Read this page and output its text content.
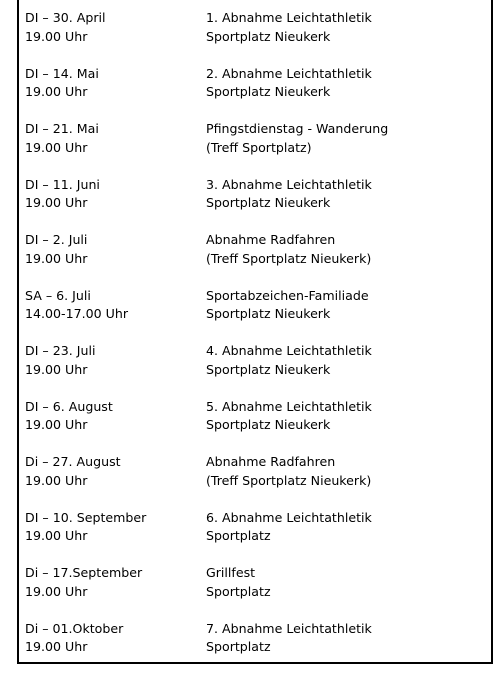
DI – 30. April
19.00 Uhr
1. Abnahme Leichtathletik
Sportplatz Nieukerk
DI – 14. Mai
19.00 Uhr
2. Abnahme Leichtathletik
Sportplatz Nieukerk
DI – 21. Mai
19.00 Uhr
Pfingstdienstag - Wanderung
(Treff Sportplatz)
DI – 11. Juni
19.00 Uhr
3. Abnahme Leichtathletik
Sportplatz Nieukerk
DI – 2. Juli
19.00 Uhr
Abnahme Radfahren
(Treff Sportplatz Nieukerk)
SA – 6. Juli
14.00-17.00 Uhr
Sportabzeichen-Familiade
Sportplatz Nieukerk
DI – 23. Juli
19.00 Uhr
4. Abnahme Leichtathletik
Sportplatz Nieukerk
DI – 6. August
19.00 Uhr
5. Abnahme Leichtathletik
Sportplatz Nieukerk
Di – 27. August
19.00 Uhr
Abnahme Radfahren
(Treff Sportplatz Nieukerk)
DI – 10. September
19.00 Uhr
6. Abnahme Leichtathletik
Sportplatz
Di – 17.September
19.00 Uhr
Grillfest
Sportplatz
Di – 01.Oktober
19.00 Uhr
7. Abnahme Leichtathletik
Sportplatz
